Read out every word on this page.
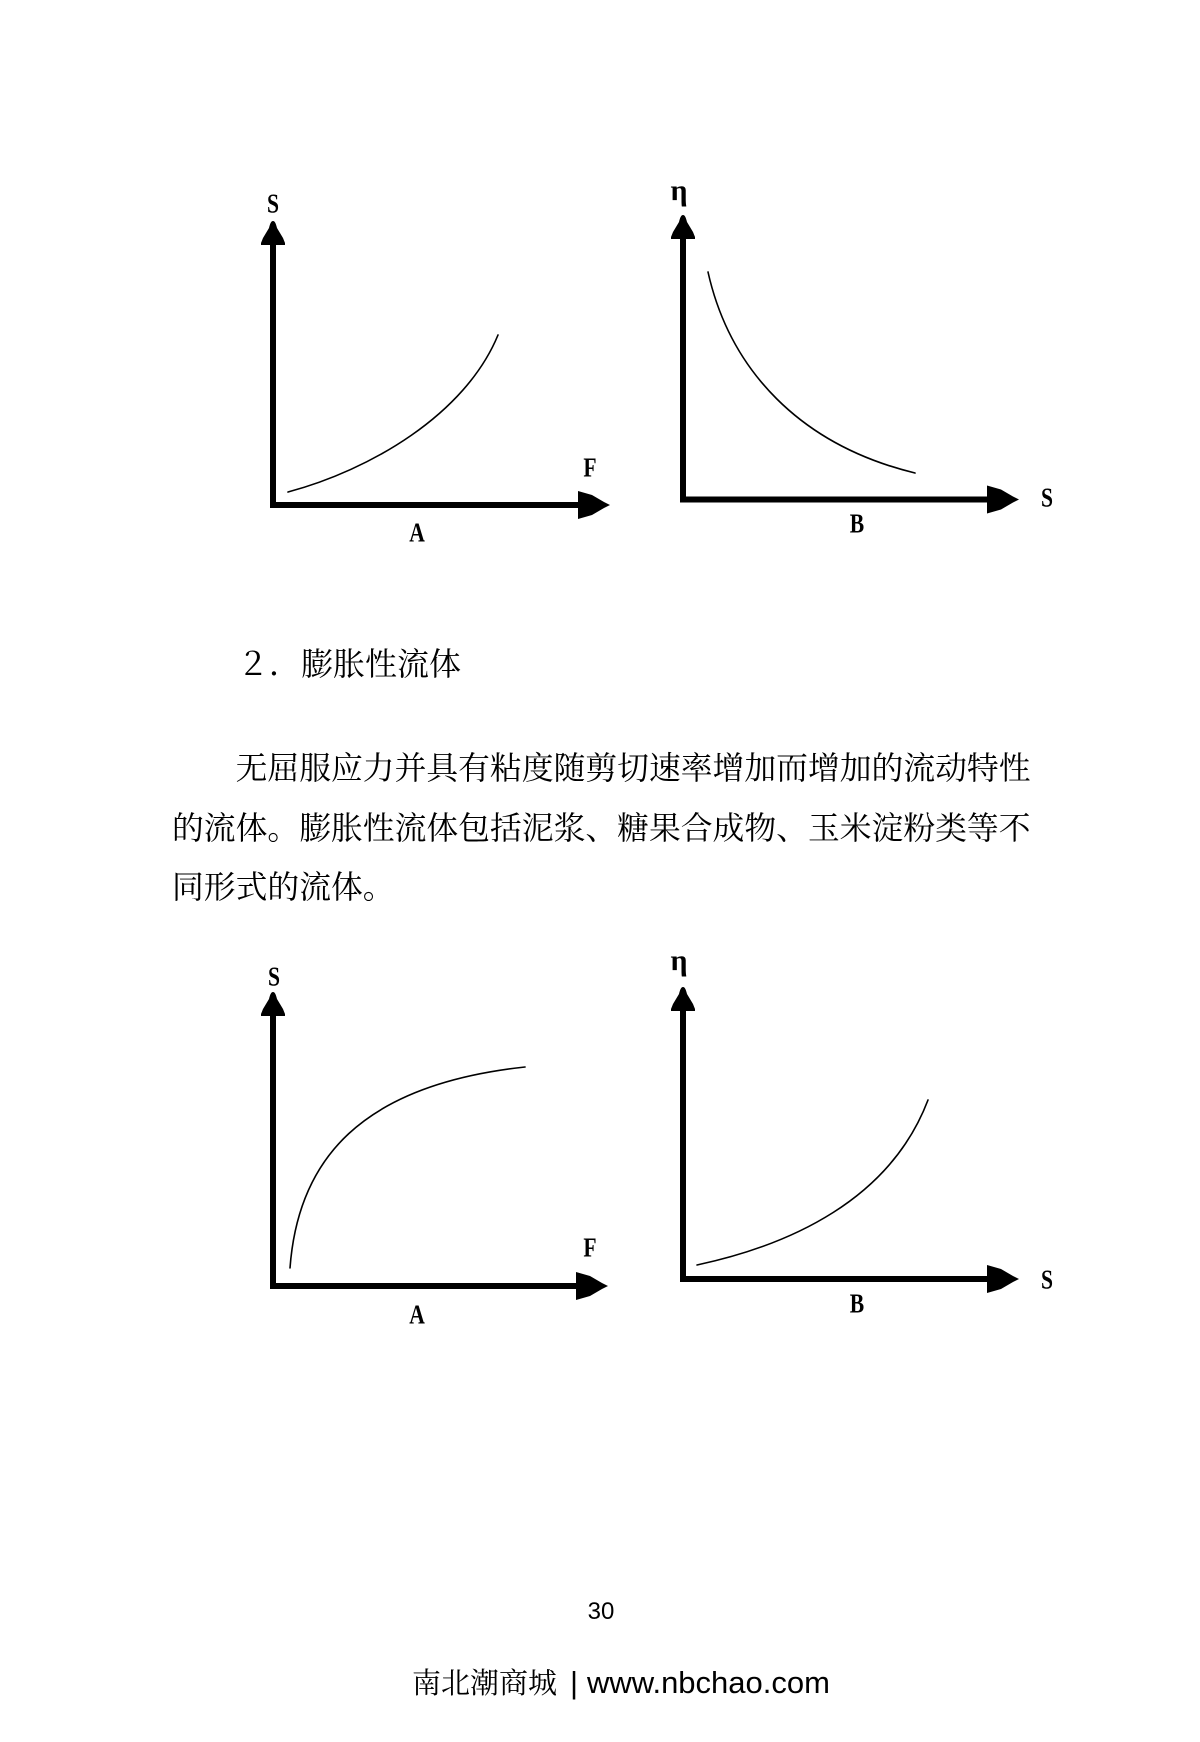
S
F
A
η
S
B
２．膨胀性流体
无屈服应力并具有粘度随剪切速率增加而增加的流动特性
的流体。膨胀性流体包括泥浆、糖果合成物、玉米淀粉类等不
同形式的流体。
S
F
A
η
S
B
30
南北潮商城 | www.nbchao.com
